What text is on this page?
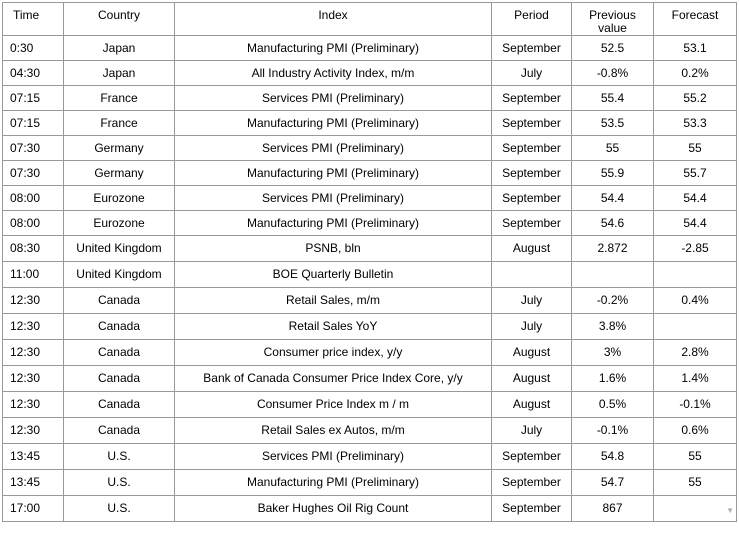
Time	Country	Index	Period	Previous value	Forecast
0:30	Japan	Manufacturing PMI (Preliminary)	September	52.5	53.1
04:30	Japan	All Industry Activity Index, m/m	July	-0.8%	0.2%
07:15	France	Services PMI (Preliminary)	September	55.4	55.2
07:15	France	Manufacturing PMI (Preliminary)	September	53.5	53.3
07:30	Germany	Services PMI (Preliminary)	September	55	55
07:30	Germany	Manufacturing PMI (Preliminary)	September	55.9	55.7
08:00	Eurozone	Services PMI (Preliminary)	September	54.4	54.4
08:00	Eurozone	Manufacturing PMI (Preliminary)	September	54.6	54.4
08:30	United Kingdom	PSNB, bln	August	2.872	-2.85
11:00	United Kingdom	BOE Quarterly Bulletin			
12:30	Canada	Retail Sales, m/m	July	-0.2%	0.4%
12:30	Canada	Retail Sales YoY	July	3.8%	
12:30	Canada	Consumer price index, y/y	August	3%	2.8%
12:30	Canada	Bank of Canada Consumer Price Index Core, y/y	August	1.6%	1.4%
12:30	Canada	Consumer Price Index m / m	August	0.5%	-0.1%
12:30	Canada	Retail Sales ex Autos, m/m	July	-0.1%	0.6%
13:45	U.S.	Services PMI (Preliminary)	September	54.8	55
13:45	U.S.	Manufacturing PMI (Preliminary)	September	54.7	55
17:00	U.S.	Baker Hughes Oil Rig Count	September	867	▼
